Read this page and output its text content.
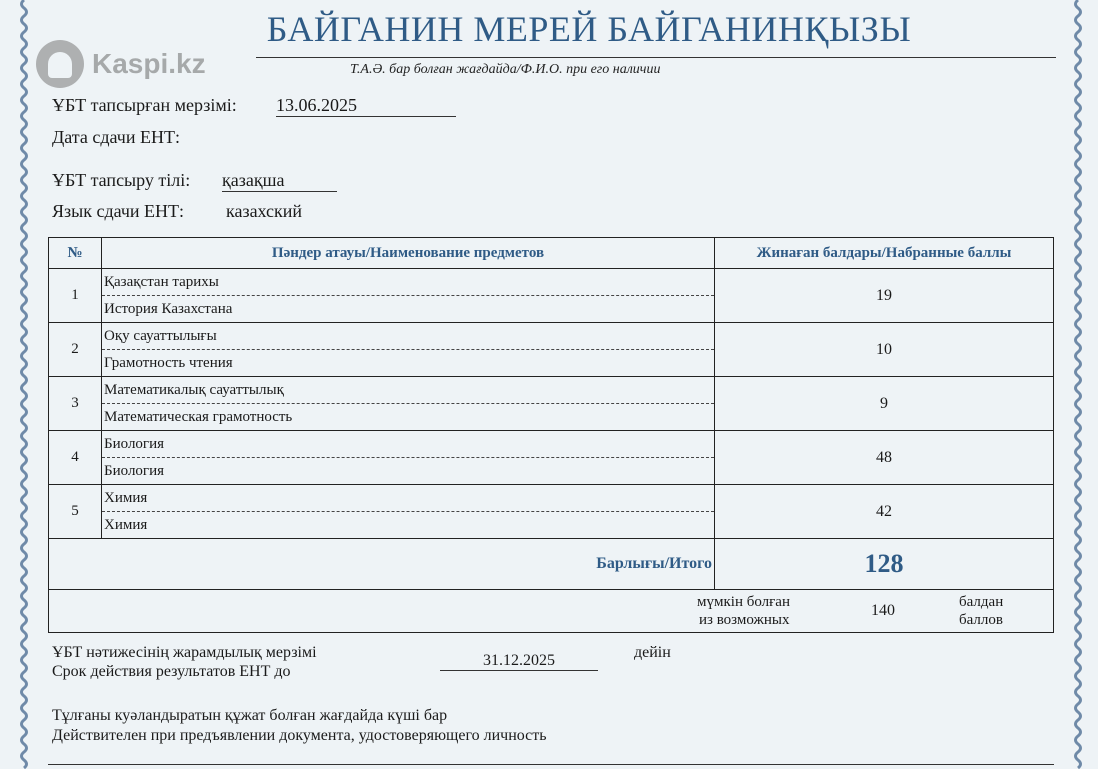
БАЙГАНИН МЕРЕЙ БАЙГАНИНҚЫЗЫ
Т.А.Ә. бар болған жағдайда/Ф.И.О. при его наличии
Kaspi.kz
ҰБТ тапсырған мерзімі: 13.06.2025
Дата сдачи ЕНТ:
ҰБТ тапсыру тілі: қазақша
Язык сдачи ЕНТ: казахский
№	Пәндер атауы/Наименование предметов	Жинаған балдары/Набранные баллы
1	Қазақстан тарихы
История Казахстана	19
2	Оқу сауаттылығы
Грамотность чтения	10
3	Математикалық сауаттылық
Математическая грамотность	9
4	Биология
Биология	48
5	Химия
Химия	42
Барлығы/Итого		128

мүмкін болған
из возможных
140 балдан
баллов		
ҰБТ нәтижесінің жарамдылық мерзімі
Срок действия результатов ЕНТ до
31.12.2025	дейін
Тұлғаны куәландыратын құжат болған жағдайда күші бар
Действителен при предъявлении документа, удостоверяющего личность
